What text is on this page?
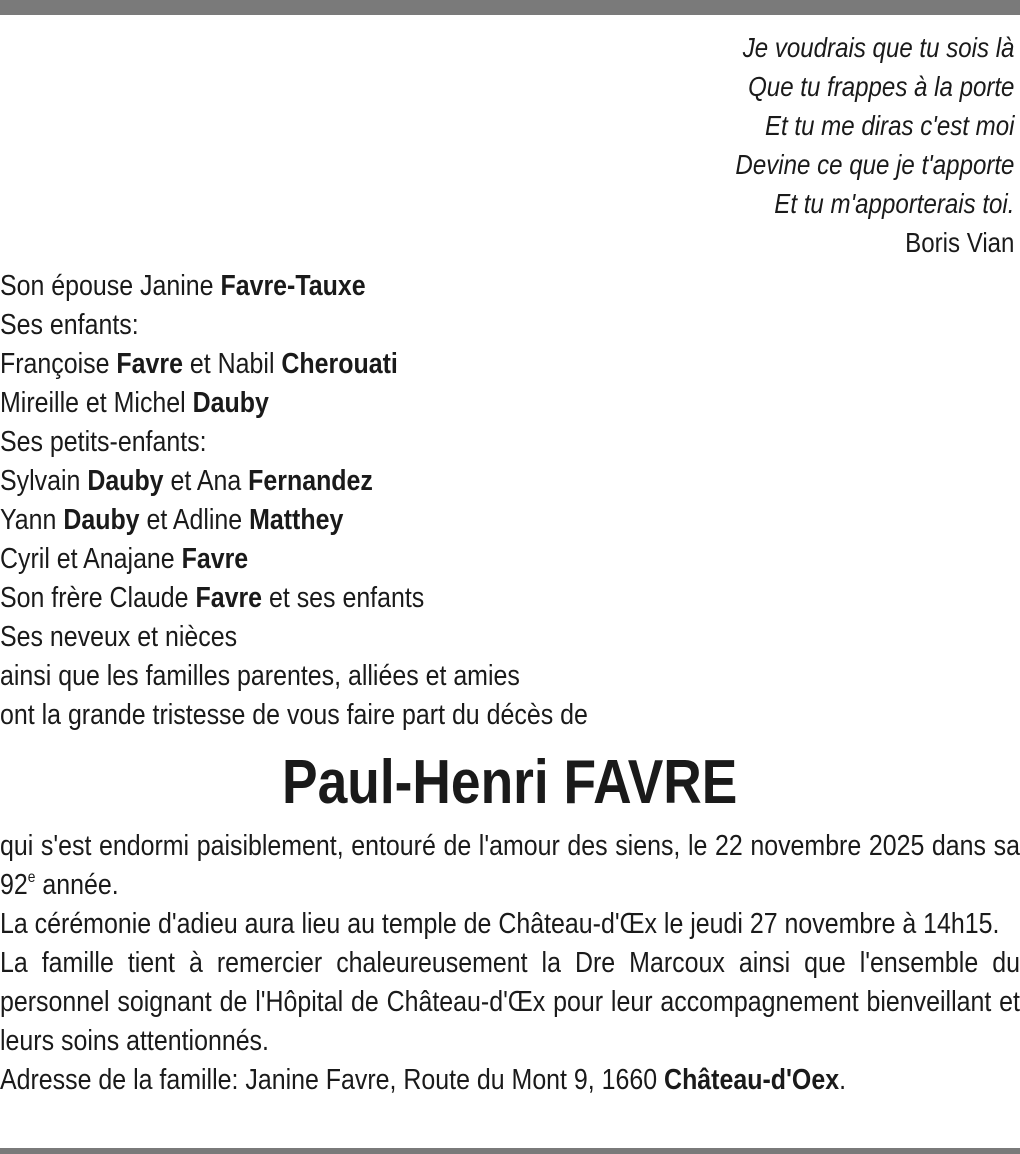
Je voudrais que tu sois là
Que tu frappes à la porte
Et tu me diras c'est moi
Devine ce que je t'apporte
Et tu m'apporterais toi.
Boris Vian
Son épouse Janine Favre-Tauxe
Ses enfants:
Françoise Favre et Nabil Cherouati
Mireille et Michel Dauby
Ses petits-enfants:
Sylvain Dauby et Ana Fernandez
Yann Dauby et Adline Matthey
Cyril et Anajane Favre
Son frère Claude Favre et ses enfants
Ses neveux et nièces
ainsi que les familles parentes, alliées et amies
ont la grande tristesse de vous faire part du décès de
Paul-Henri FAVRE

qui s'est endormi paisiblement, entouré de l'amour des siens, le 22 novembre 2025 dans sa 92e année.

La cérémonie d'adieu aura lieu au temple de Château-d'Œx le jeudi 27 novembre à 14h15.

La famille tient à remercier chaleureusement la Dre Marcoux ainsi que l'ensemble du personnel soignant de l'Hôpital de Château-d'Œx pour leur accompagnement bienveillant et leurs soins attentionnés.

Adresse de la famille: Janine Favre, Route du Mont 9, 1660 Château-d'Oex.
